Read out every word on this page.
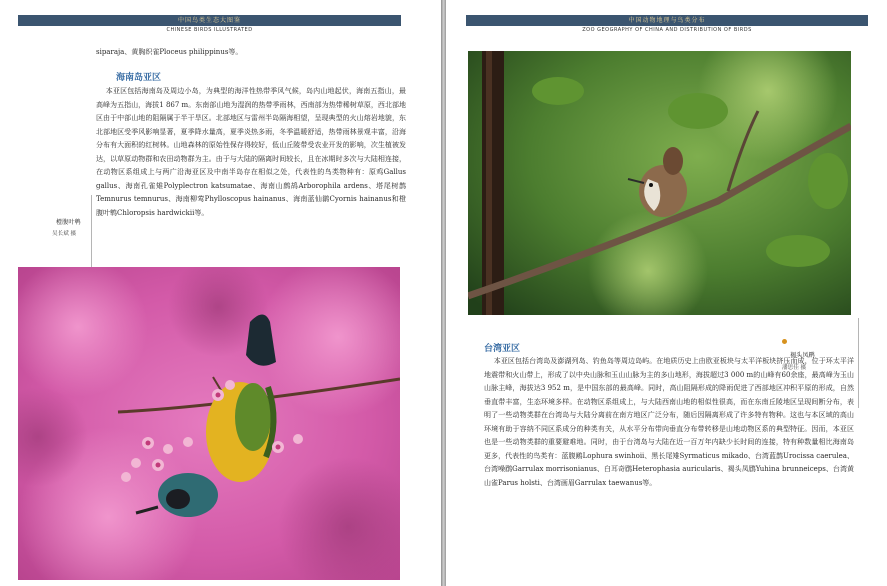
中国鸟类生态大图鉴
CHINESE BIRDS ILLUSTRATED

siparaja、黄胸织雀Ploceus philippinus等。

海南岛亚区

本亚区包括海南岛及周边小岛，为典型的海洋性热带季风气候，岛内山地起伏，海南五指山，最高峰为五指山，海拔1 867 m。东南部山地为湿润的热带季雨林，西南部为热带稀树草原，西北部地区由于中部山地的阻隔属于半干旱区。北部地区与雷州半岛隔海相望，呈现典型的火山熔岩地貌，东北部地区受季风影响显著，夏季降水量高，夏季炎热多雨，冬季温暖舒适，热带雨林景观丰富，沿海分布有大面积的红树林。山地森林的原始性保存得较好，低山丘陵带受农业开发的影响，次生植被发达，以草原动物群和农田动物群为主。由于与大陆的隔离时间较长，且在冰期时多次与大陆相连接，在动物区系组成上与两广沿海亚区及中南半岛存在相似之处，代表性的鸟类物种有：原鸡Gallus gallus、海南孔雀雉Polyplectron katsumatae、海南山鹧鸪Arborophila ardens、塔尾树鹊Temnurus temnurus、海南柳莺Phylloscopus hainanus、海南蓝仙鹟Cyornis hainanus和橙腹叶鹎Chloropsis hardwickii等。

橙腹叶鹎
吴长斌 摄
中国动物地理与鸟类分布
ZOO GEOGRAPHY OF CHINA AND DISTRIBUTION OF BIRDS
台湾亚区

本亚区包括台湾岛及澎湖列岛、钓鱼岛等周边岛屿。在地质历史上由欧亚板块与太平洋板块挤压而成，位于环太平洋地震带和火山带上，形成了以中央山脉和玉山山脉为主的多山地形，海拔超过3 000 m的山峰有60余座，最高峰为玉山山脉主峰，海拔达3 952 m，是中国东部的最高峰。同时，高山阻隔形成的降雨促进了西部地区冲积平原的形成，自然垂直带丰富，生态环境多样。在动物区系组成上，与大陆西南山地的相似性很高，而在东南丘陵地区呈现间断分布，表明了一些动物类群在台湾岛与大陆分离前在南方地区广泛分布，随后因隔离形成了许多特有物种。这也与本区域的高山环境有助于容纳不同区系成分的种类有关，从水平分布带向垂直分布带转移是山地动物区系的典型特征。因而，本亚区也是一些动物类群的重要避难地。同时，由于台湾岛与大陆在近一百万年内缺少长时间的连接，特有种数量相比海南岛更多，代表性的鸟类有：蓝腹鹇Lophura swinhoii、黑长尾雉Syrmaticus mikado、台湾蓝鹊Urocissa caerulea、台湾噪鹛Garrulax morrisonianus、白耳奇鹛Heterophasia auricularis、褐头凤鹛Yuhina brunneiceps、台湾黄山雀Parus holsti、台湾画眉Garrulax taewanus等。

褐头凤鹛
潘思佳 摄
